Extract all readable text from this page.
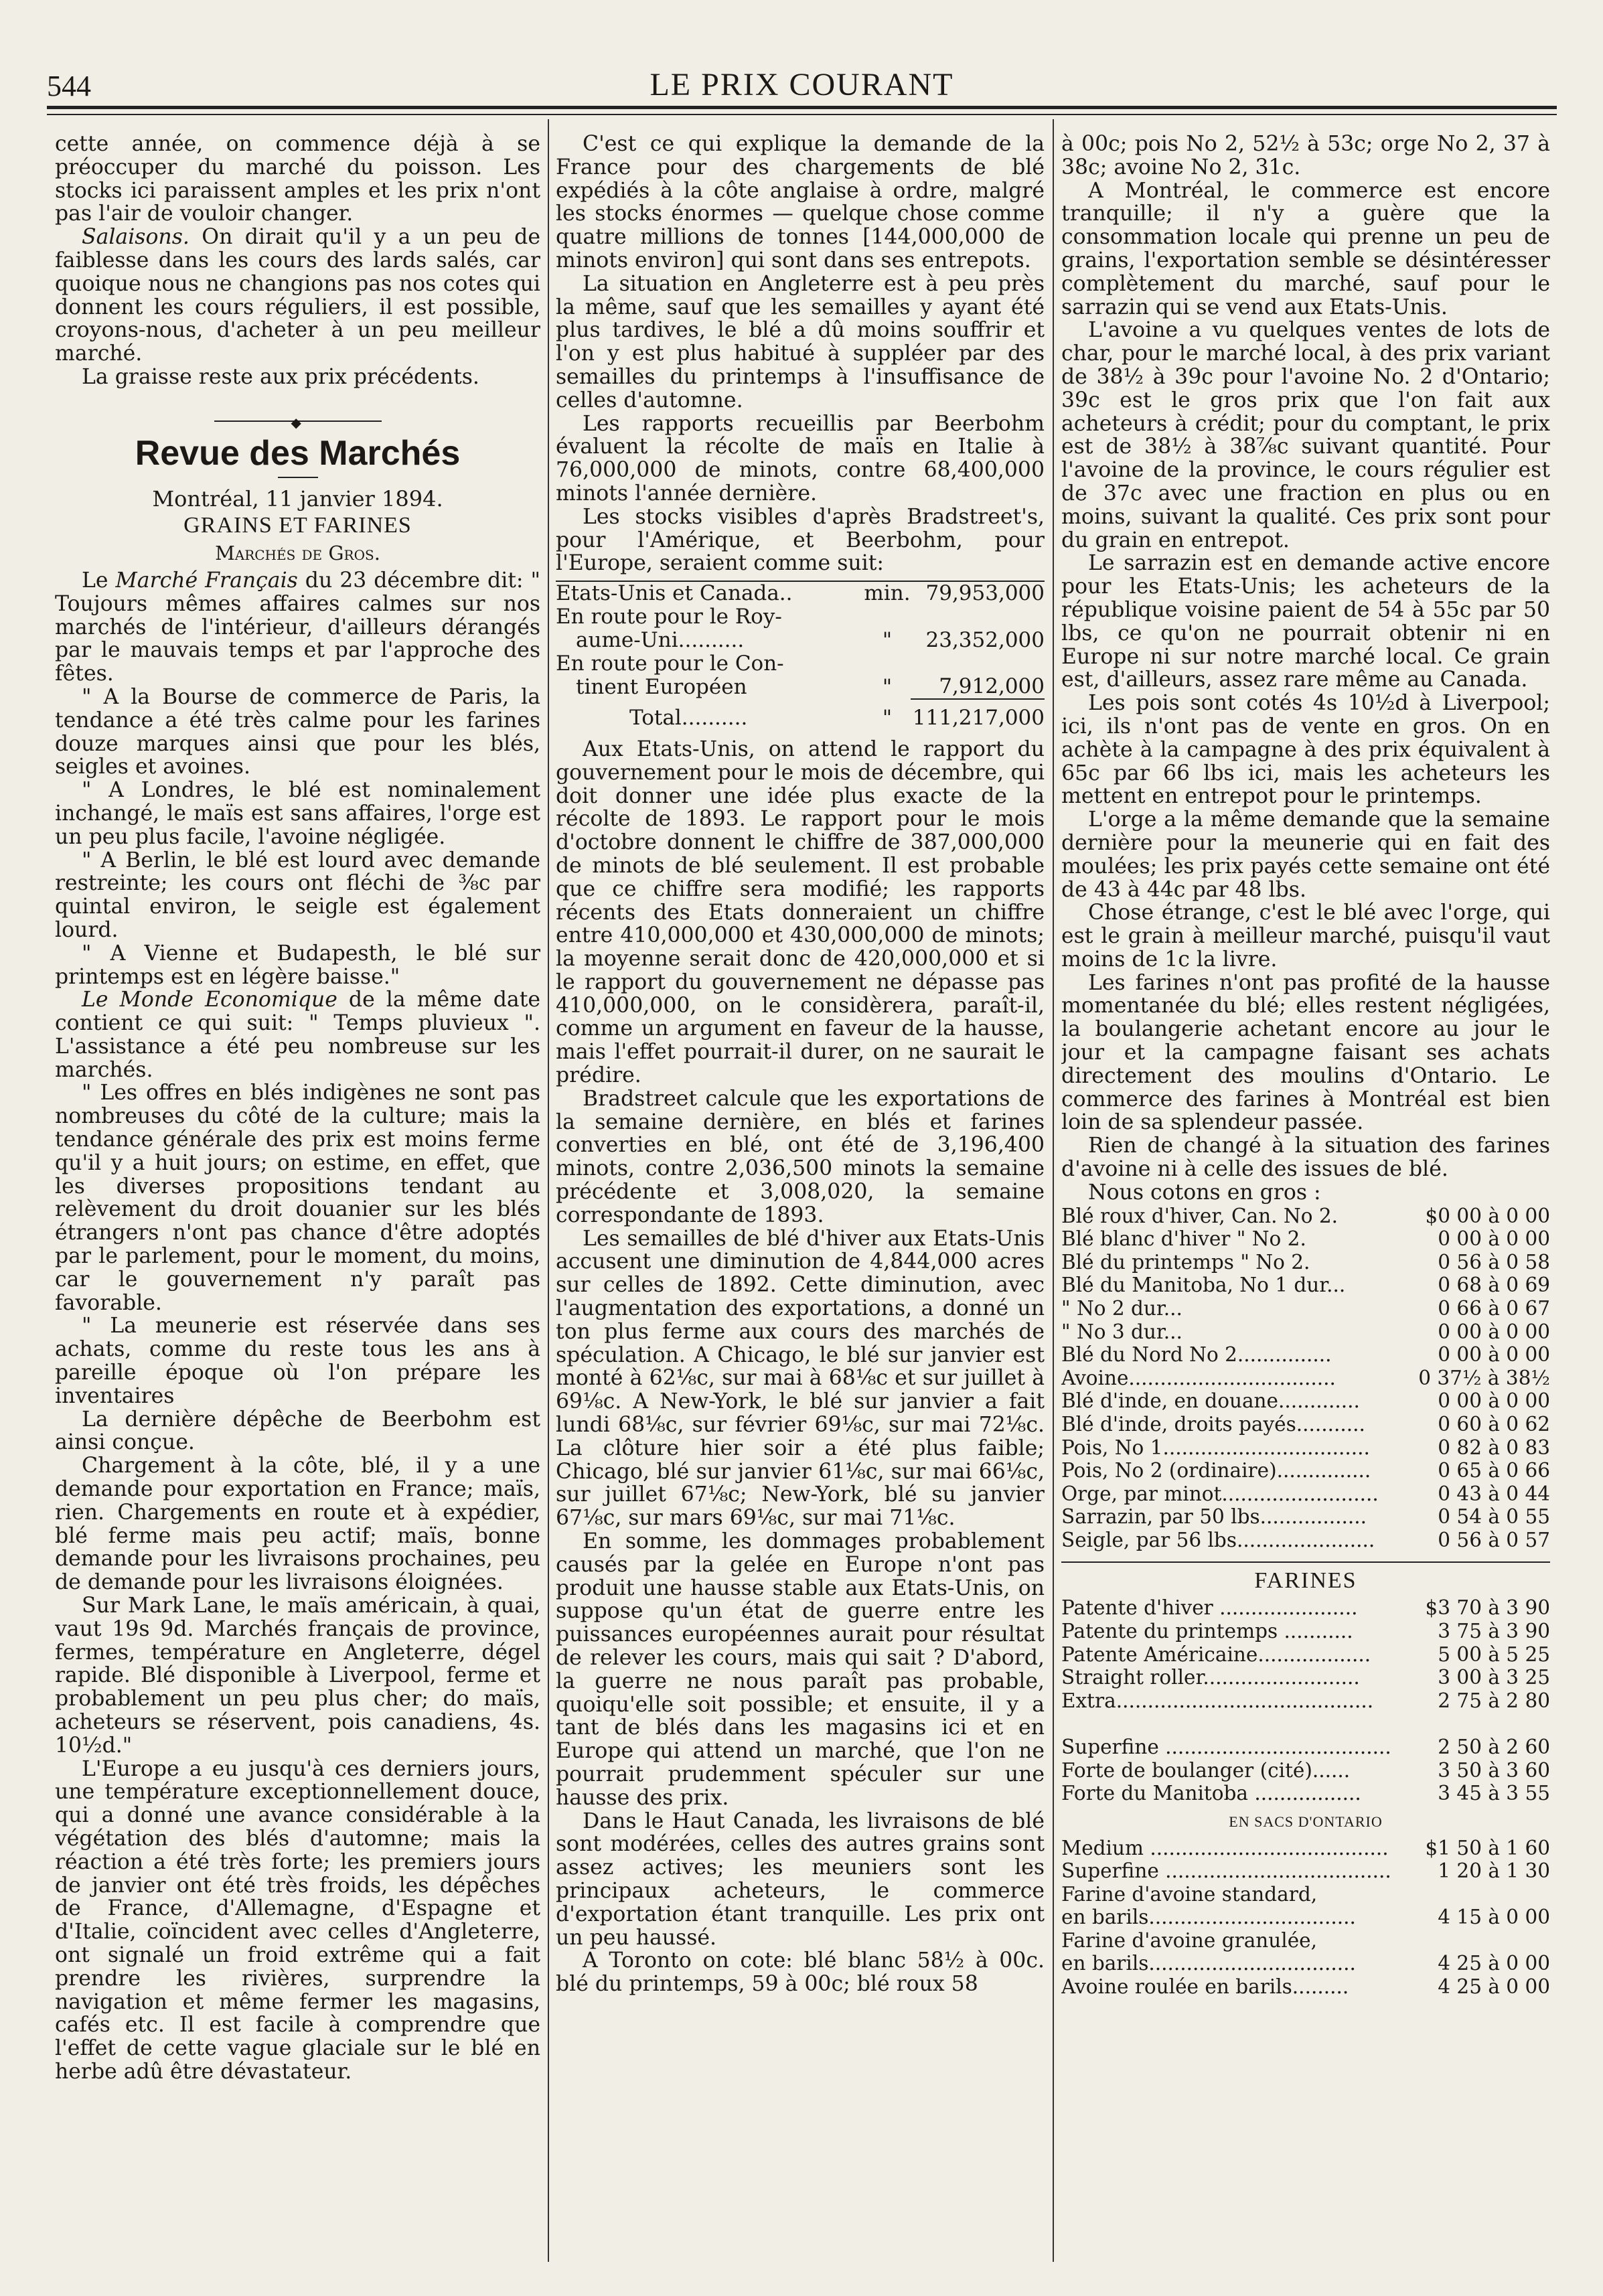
544	LE PRIX COURANT

cette année, on commence déjà à se préoccuper du marché du poisson. Les stocks ici paraissent amples et les prix n'ont pas l'air de vouloir changer.

Salaisons. On dirait qu'il y a un peu de faiblesse dans les cours des lards salés, car quoique nous ne changions pas nos cotes qui donnent les cours réguliers, il est possible, croyons-nous, d'acheter à un peu meilleur marché.

La graisse reste aux prix précédents.

◆
Revue des Marchés
Montréal, 11 janvier 1894.
GRAINS ET FARINES
Marchés de Gros.

Le Marché Français du 23 décembre dit: " Toujours mêmes affaires calmes sur nos marchés de l'intérieur, d'ailleurs dérangés par le mauvais temps et par l'approche des fêtes.

" A la Bourse de commerce de Paris, la tendance a été très calme pour les farines douze marques ainsi que pour les blés, seigles et avoines.

" A Londres, le blé est nominalement inchangé, le maïs est sans affaires, l'orge est un peu plus facile, l'avoine négligée.

" A Berlin, le blé est lourd avec demande restreinte; les cours ont fléchi de ⅜c par quintal environ, le seigle est également lourd.

" A Vienne et Budapesth, le blé sur printemps est en légère baisse."

Le Monde Economique de la même date contient ce qui suit: " Temps pluvieux ". L'assistance a été peu nombreuse sur les marchés.

" Les offres en blés indigènes ne sont pas nombreuses du côté de la culture; mais la tendance générale des prix est moins ferme qu'il y a huit jours; on estime, en effet, que les diverses propositions tendant au relèvement du droit douanier sur les blés étrangers n'ont pas chance d'être adoptés par le parlement, pour le moment, du moins, car le gouvernement n'y paraît pas favorable.

" La meunerie est réservée dans ses achats, comme du reste tous les ans à pareille époque où l'on prépare les inventaires

La dernière dépêche de Beerbohm est ainsi conçue.

Chargement à la côte, blé, il y a une demande pour exportation en France; maïs, rien. Chargements en route et à expédier, blé ferme mais peu actif; maïs, bonne demande pour les livraisons prochaines, peu de demande pour les livraisons éloignées.

Sur Mark Lane, le maïs américain, à quai, vaut 19s 9d. Marchés français de province, fermes, température en Angleterre, dégel rapide. Blé disponible à Liverpool, ferme et probablement un peu plus cher; do maïs, acheteurs se réservent, pois canadiens, 4s. 10½d."

L'Europe a eu jusqu'à ces derniers jours, une température exceptionnellement douce, qui a donné une avance considérable à la végétation des blés d'automne; mais la réaction a été très forte; les premiers jours de janvier ont été très froids, les dépêches de France, d'Allemagne, d'Espagne et d'Italie, coïncident avec celles d'Angleterre, ont signalé un froid extrême qui a fait prendre les rivières, surprendre la navigation et même fermer les magasins, cafés etc. Il est facile à comprendre que l'effet de cette vague glaciale sur le blé en herbe adû être dévastateur.

C'est ce qui explique la demande de la France pour des chargements de blé expédiés à la côte anglaise à ordre, malgré les stocks énormes — quelque chose comme quatre millions de tonnes [144,000,000 de minots environ] qui sont dans ses entrepots.

La situation en Angleterre est à peu près la même, sauf que les semailles y ayant été plus tardives, le blé a dû moins souffrir et l'on y est plus habitué à suppléer par des semailles du printemps à l'insuffisance de celles d'automne.

Les rapports recueillis par Beerbohm évaluent la récolte de maïs en Italie à 76,000,000 de minots, contre 68,400,000 minots l'année dernière.

Les stocks visibles d'après Bradstreet's, pour l'Amérique, et Beerbohm, pour l'Europe, seraient comme suit:

Etats-Unis et Canada..	min.	79,953,000
En route pour le Roy-		
aume-Uni..........	"	23,352,000
En route pour le Con-		
tinent Européen	"	7,912,000
Total..........	"	111,217,000

Aux Etats-Unis, on attend le rapport du gouvernement pour le mois de décembre, qui doit donner une idée plus exacte de la récolte de 1893. Le rapport pour le mois d'octobre donnent le chiffre de 387,000,000 de minots de blé seulement. Il est probable que ce chiffre sera modifié; les rapports récents des Etats donneraient un chiffre entre 410,000,000 et 430,000,000 de minots; la moyenne serait donc de 420,000,000 et si le rapport du gouvernement ne dépasse pas 410,000,000, on le considèrera, paraît-il, comme un argument en faveur de la hausse, mais l'effet pourrait-il durer, on ne saurait le prédire.

Bradstreet calcule que les exportations de la semaine dernière, en blés et farines converties en blé, ont été de 3,196,400 minots, contre 2,036,500 minots la semaine précédente et 3,008,020, la semaine correspondante de 1893.

Les semailles de blé d'hiver aux Etats-Unis accusent une diminution de 4,844,000 acres sur celles de 1892. Cette diminution, avec l'augmentation des exportations, a donné un ton plus ferme aux cours des marchés de spéculation. A Chicago, le blé sur janvier est monté à 62⅛c, sur mai à 68⅛c et sur juillet à 69⅛c. A New-York, le blé sur janvier a fait lundi 68⅛c, sur février 69⅛c, sur mai 72⅛c. La clôture hier soir a été plus faible; Chicago, blé sur janvier 61⅛c, sur mai 66⅛c, sur juillet 67⅛c; New-York, blé su janvier 67⅛c, sur mars 69⅛c, sur mai 71⅛c.

En somme, les dommages probablement causés par la gelée en Europe n'ont pas produit une hausse stable aux Etats-Unis, on suppose qu'un état de guerre entre les puissances européennes aurait pour résultat de relever les cours, mais qui sait ? D'abord, la guerre ne nous paraît pas probable, quoiqu'elle soit possible; et ensuite, il y a tant de blés dans les magasins ici et en Europe qui attend un marché, que l'on ne pourrait prudemment spéculer sur une hausse des prix.

Dans le Haut Canada, les livraisons de blé sont modérées, celles des autres grains sont assez actives; les meuniers sont les principaux acheteurs, le commerce d'exportation étant tranquille. Les prix ont un peu haussé.

A Toronto on cote: blé blanc 58½ à 00c. blé du printemps, 59 à 00c; blé roux 58

à 00c; pois No 2, 52½ à 53c; orge No 2, 37 à 38c; avoine No 2, 31c.

A Montréal, le commerce est encore tranquille; il n'y a guère que la consommation locale qui prenne un peu de grains, l'exportation semble se désintéresser complètement du marché, sauf pour le sarrazin qui se vend aux Etats-Unis.

L'avoine a vu quelques ventes de lots de char, pour le marché local, à des prix variant de 38½ à 39c pour l'avoine No. 2 d'Ontario; 39c est le gros prix que l'on fait aux acheteurs à crédit; pour du comptant, le prix est de 38½ à 38⅞c suivant quantité. Pour l'avoine de la province, le cours régulier est de 37c avec une fraction en plus ou en moins, suivant la qualité. Ces prix sont pour du grain en entrepot.

Le sarrazin est en demande active encore pour les Etats-Unis; les acheteurs de la république voisine paient de 54 à 55c par 50 lbs, ce qu'on ne pourrait obtenir ni en Europe ni sur notre marché local. Ce grain est, d'ailleurs, assez rare même au Canada.

Les pois sont cotés 4s 10½d à Liverpool; ici, ils n'ont pas de vente en gros. On en achète à la campagne à des prix équivalent à 65c par 66 lbs ici, mais les acheteurs les mettent en entrepot pour le printemps.

L'orge a la même demande que la semaine dernière pour la meunerie qui en fait des moulées; les prix payés cette semaine ont été de 43 à 44c par 48 lbs.

Chose étrange, c'est le blé avec l'orge, qui est le grain à meilleur marché, puisqu'il vaut moins de 1c la livre.

Les farines n'ont pas profité de la hausse momentanée du blé; elles restent négligées, la boulangerie achetant encore au jour le jour et la campagne faisant ses achats directement des moulins d'Ontario. Le commerce des farines à Montréal est bien loin de sa splendeur passée.

Rien de changé à la situation des farines d'avoine ni à celle des issues de blé.

Nous cotons en gros :

Blé roux d'hiver, Can. No 2.	$0 00 à 0 00
Blé blanc d'hiver " No 2.	0 00 à 0 00
Blé du printemps " No 2.	0 56 à 0 58
Blé du Manitoba, No 1 dur...	0 68 à 0 69
" No 2 dur...	0 66 à 0 67
" No 3 dur...	0 00 à 0 00
Blé du Nord No 2...............	0 00 à 0 00
Avoine.................................	0 37½ à 38½
Blé d'inde, en douane.............	0 00 à 0 00
Blé d'inde, droits payés...........	0 60 à 0 62
Pois, No 1.................................	0 82 à 0 83
Pois, No 2 (ordinaire)...............	0 65 à 0 66
Orge, par minot.........................	0 43 à 0 44
Sarrazin, par 50 lbs.................	0 54 à 0 55
Seigle, par 56 lbs......................	0 56 à 0 57
FARINES
Patente d'hiver ......................	$3 70 à 3 90
Patente du printemps ...........	3 75 à 3 90
Patente Américaine..................	5 00 à 5 25
Straight roller.........................	3 00 à 3 25
Extra.........................................	2 75 à 2 80

Superfine ....................................	2 50 à 2 60
Forte de boulanger (cité)......	3 50 à 3 60
Forte du Manitoba .................	3 45 à 3 55
EN SACS D'ONTARIO
Medium ......................................	$1 50 à 1 60
Superfine ....................................	1 20 à 1 30
Farine d'avoine standard,	
en barils.................................	4 15 à 0 00
Farine d'avoine granulée,	
en barils.................................	4 25 à 0 00
Avoine roulée en barils.........	4 25 à 0 00
